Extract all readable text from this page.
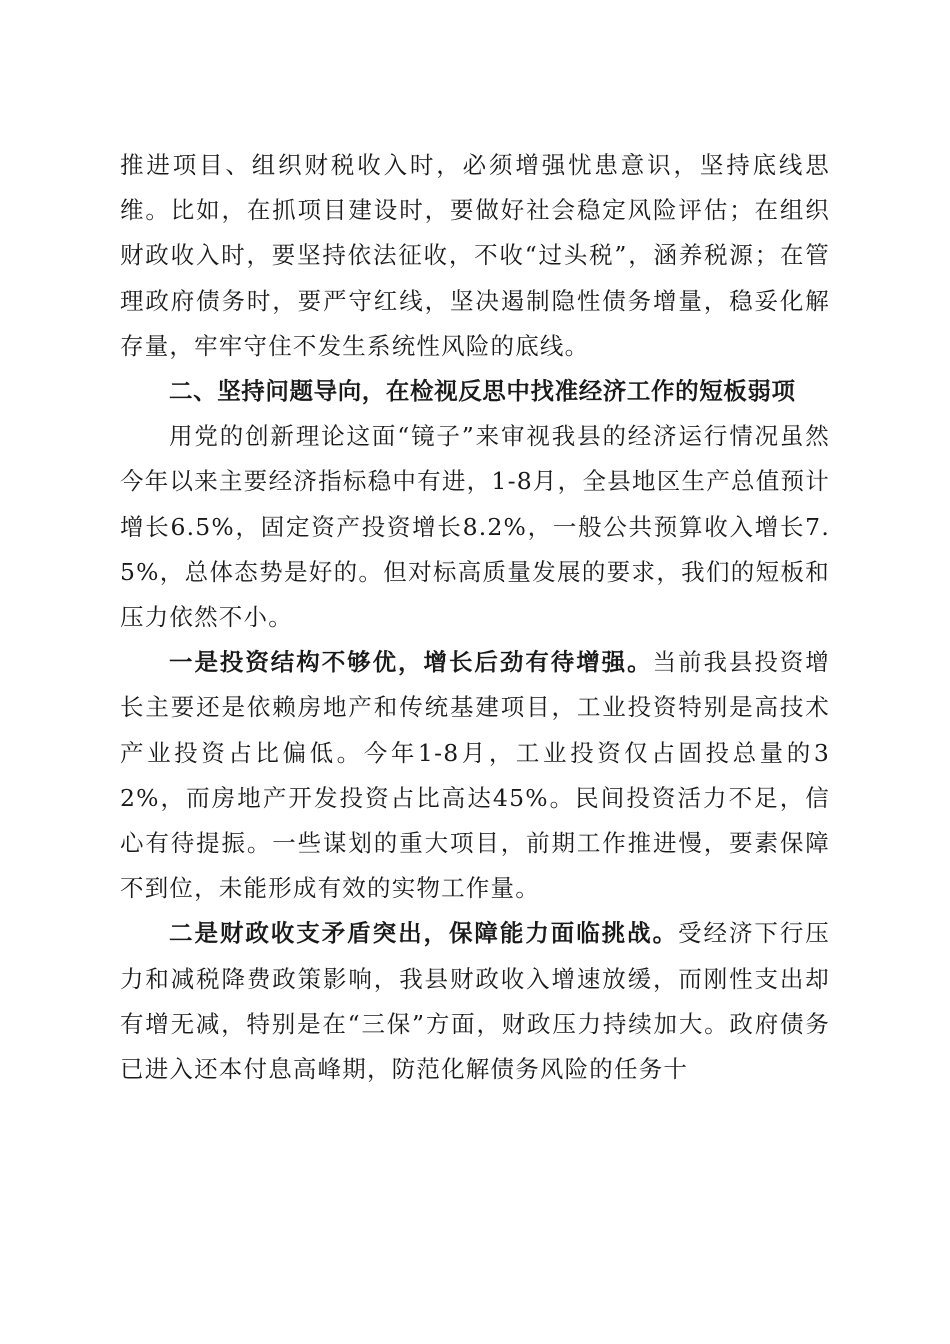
推进项目、组织财税收入时，必须增强忧患意识，坚持底线思维。比如，在抓项目建设时，要做好社会稳定风险评估；在组织财政收入时，要坚持依法征收，不收“过头税”，涵养税源；在管理政府债务时，要严守红线，坚决遏制隐性债务增量，稳妥化解存量，牢牢守住不发生系统性风险的底线。

二、坚持问题导向，在检视反思中找准经济工作的短板弱项

用党的创新理论这面“镜子”来审视我县的经济运行情况虽然今年以来主要经济指标稳中有进，1-8月，全县地区生产总值预计增长6.5%，固定资产投资增长8.2%，一般公共预算收入增长7.5%，总体态势是好的。但对标高质量发展的要求，我们的短板和压力依然不小。

一是投资结构不够优，增长后劲有待增强。当前我县投资增长主要还是依赖房地产和传统基建项目，工业投资特别是高技术产业投资占比偏低。今年1-8月，工业投资仅占固投总量的32%，而房地产开发投资占比高达45%。民间投资活力不足，信心有待提振。一些谋划的重大项目，前期工作推进慢，要素保障不到位，未能形成有效的实物工作量。

二是财政收支矛盾突出，保障能力面临挑战。受经济下行压力和减税降费政策影响，我县财政收入增速放缓，而刚性支出却有增无减，特别是在“三保”方面，财政压力持续加大。政府债务已进入还本付息高峰期，防范化解债务风险的任务十
